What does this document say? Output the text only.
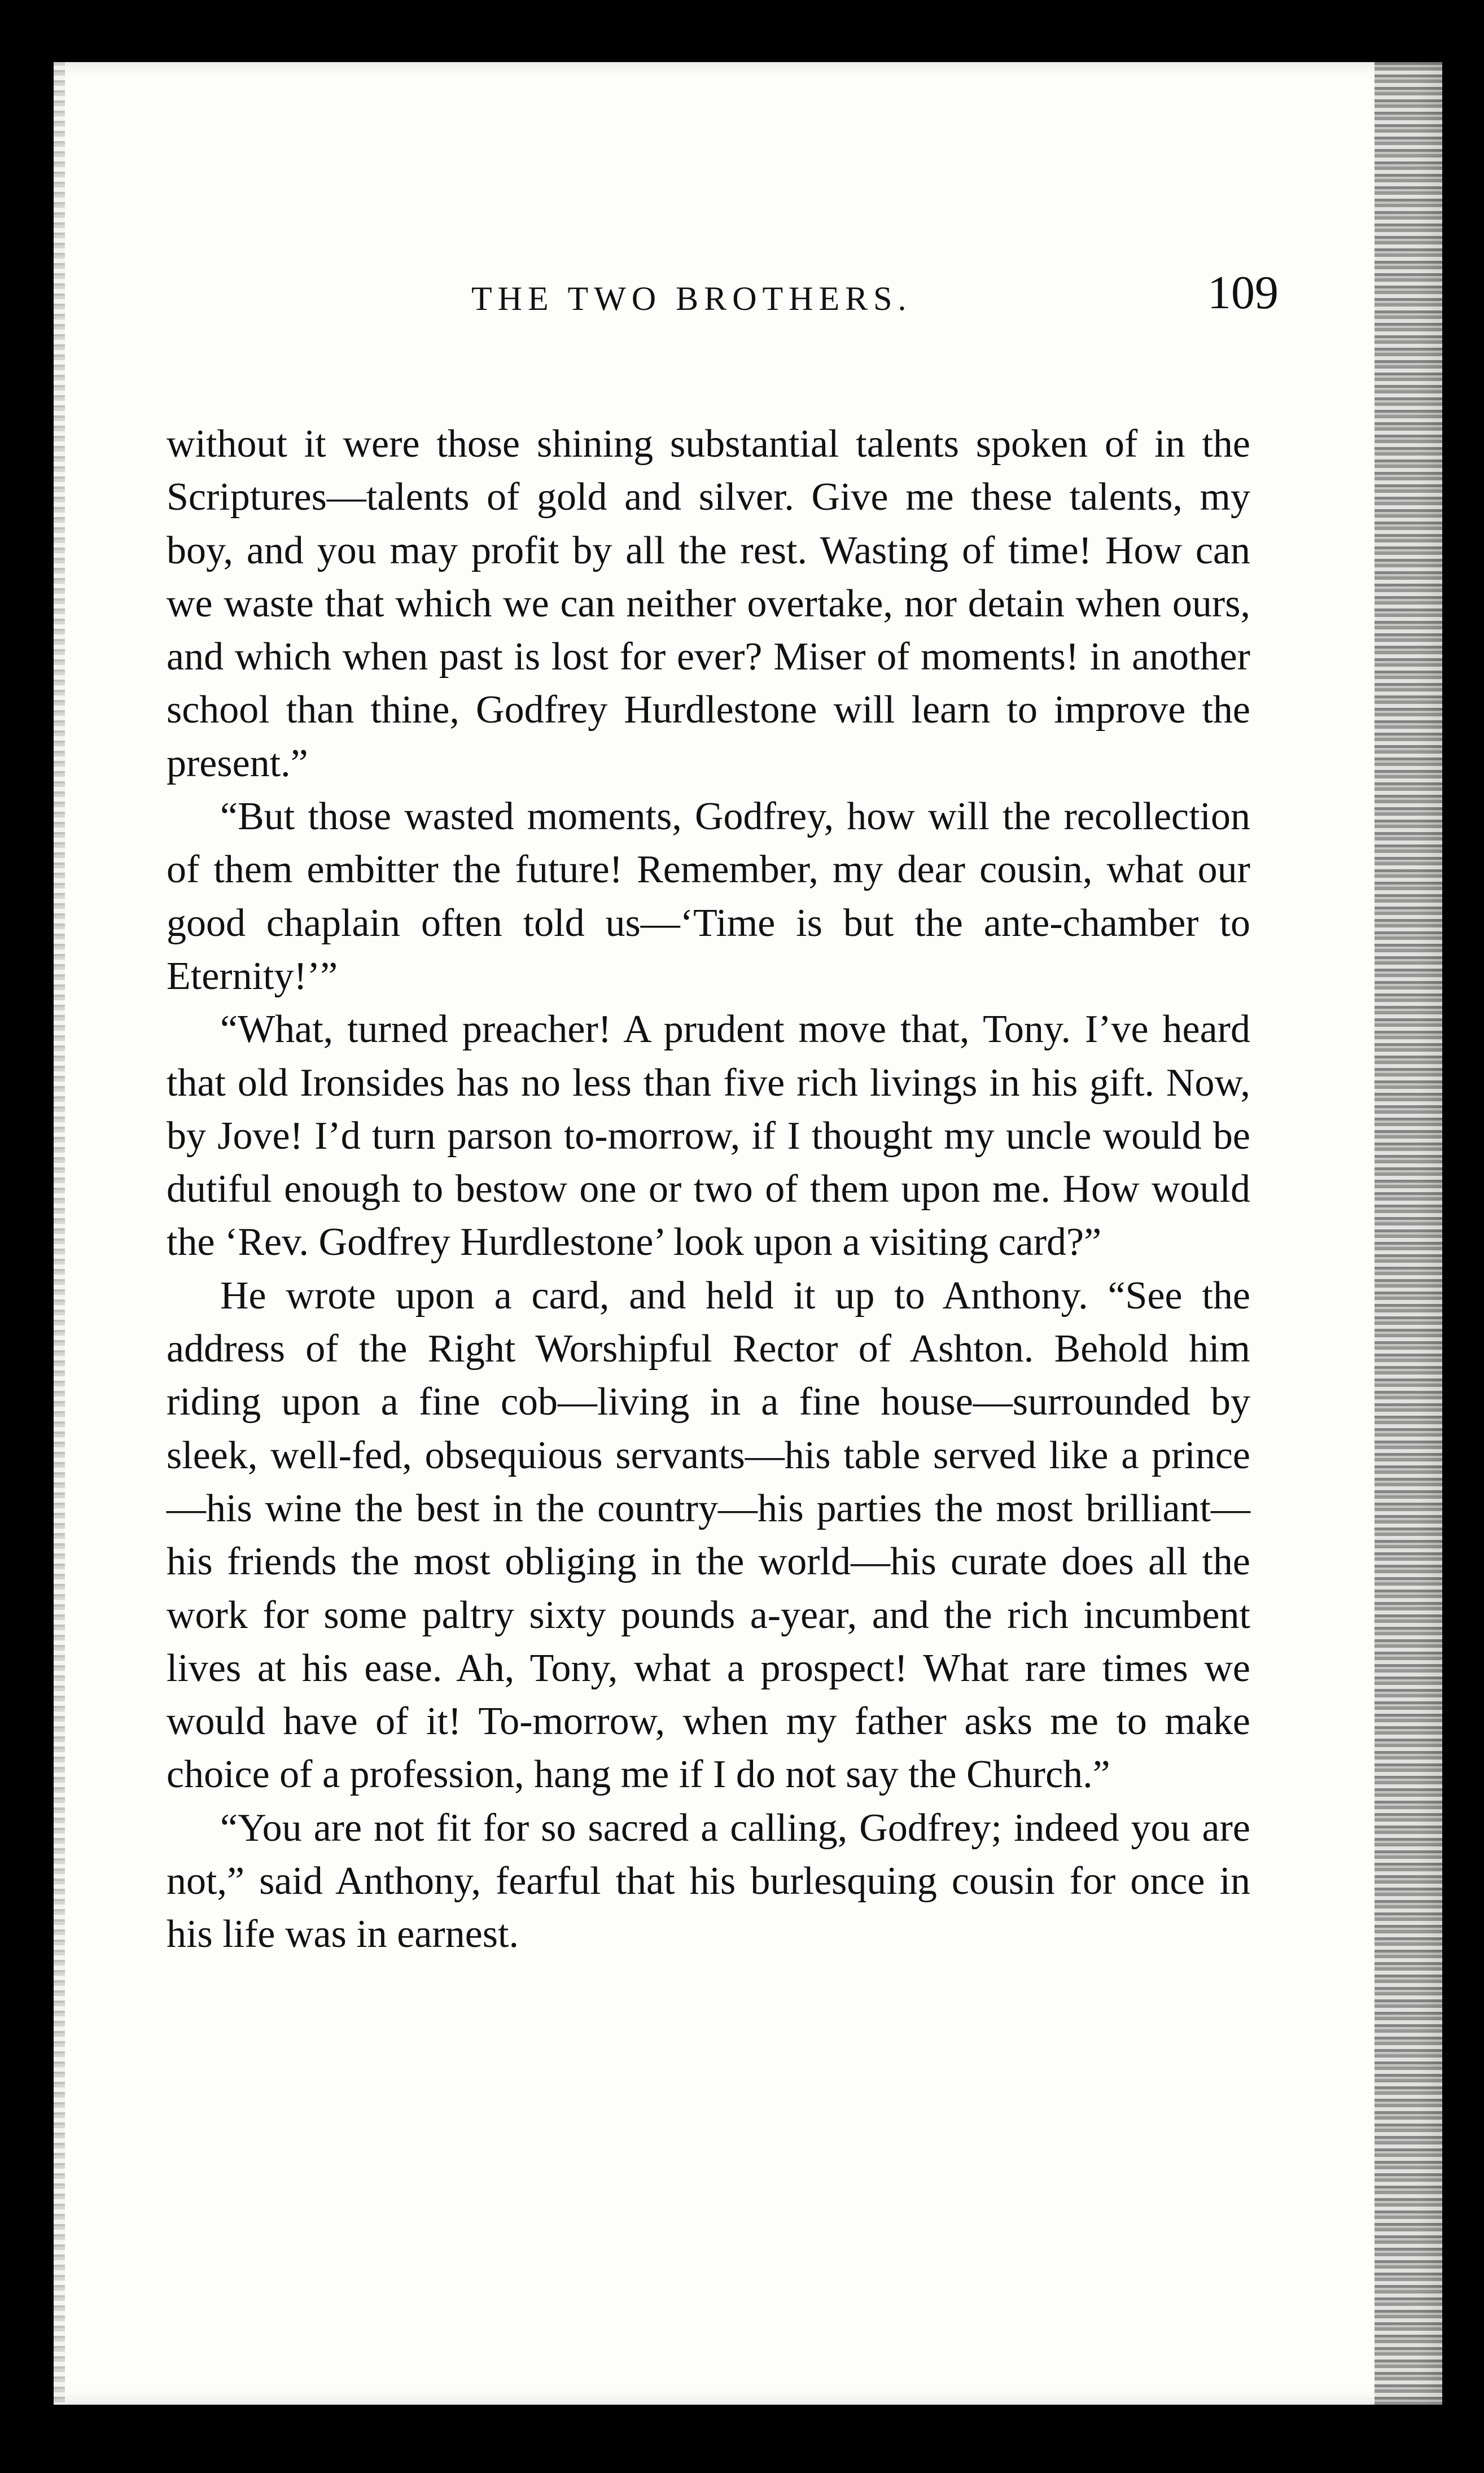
THE TWO BROTHERS.	109

without it were those shining substantial talents spoken of in the Scriptures—talents of gold and silver. Give me these talents, my boy, and you may profit by all the rest. Wasting of time! How can we waste that which we can neither overtake, nor detain when ours, and which when past is lost for ever? Miser of moments! in another school than thine, Godfrey Hurdlestone will learn to improve the present.”

“But those wasted moments, Godfrey, how will the recollection of them embitter the future! Remember, my dear cousin, what our good chaplain often told us—‘Time is but the ante-chamber to Eternity!’”

“What, turned preacher! A prudent move that, Tony. I’ve heard that old Ironsides has no less than five rich livings in his gift. Now, by Jove! I’d turn parson to-morrow, if I thought my uncle would be dutiful enough to bestow one or two of them upon me. How would the ‘Rev. Godfrey Hurdlestone’ look upon a visiting card?”

He wrote upon a card, and held it up to Anthony. “See the address of the Right Worshipful Rector of Ashton. Behold him riding upon a fine cob—living in a fine house—surrounded by sleek, well-fed, obsequious servants—his table served like a prince—his wine the best in the country—his parties the most brilliant—his friends the most obliging in the world—his curate does all the work for some paltry sixty pounds a-year, and the rich incumbent lives at his ease. Ah, Tony, what a prospect! What rare times we would have of it! To-morrow, when my father asks me to make choice of a profession, hang me if I do not say the Church.”

“You are not fit for so sacred a calling, Godfrey; indeed you are not,” said Anthony, fearful that his burlesquing cousin for once in his life was in earnest.
